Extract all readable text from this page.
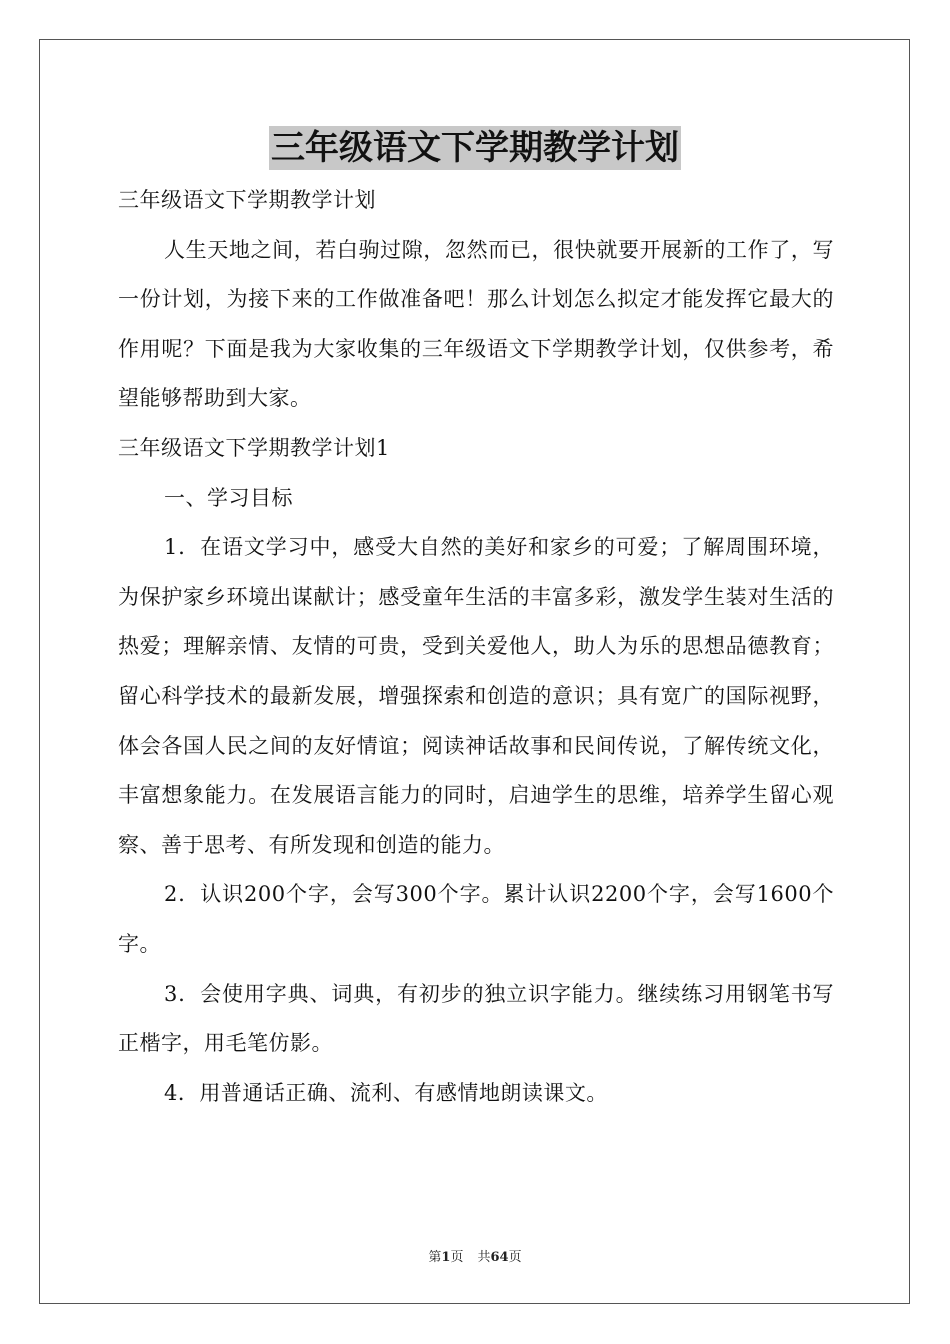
三年级语文下学期教学计划

三年级语文下学期教学计划

人生天地之间，若白驹过隙，忽然而已，很快就要开展新的工作了，写一份计划，为接下来的工作做准备吧！那么计划怎么拟定才能发挥它最大的作用呢？下面是我为大家收集的三年级语文下学期教学计划，仅供参考，希望能够帮助到大家。

三年级语文下学期教学计划1

一、学习目标

1．在语文学习中，感受大自然的美好和家乡的可爱；了解周围环境，为保护家乡环境出谋献计；感受童年生活的丰富多彩，激发学生装对生活的热爱；理解亲情、友情的可贵，受到关爱他人，助人为乐的思想品德教育；留心科学技术的最新发展，增强探索和创造的意识；具有宽广的国际视野，体会各国人民之间的友好情谊；阅读神话故事和民间传说，了解传统文化，丰富想象能力。在发展语言能力的同时，启迪学生的思维，培养学生留心观察、善于思考、有所发现和创造的能力。

2．认识200个字，会写300个字。累计认识2200个字，会写1600个字。

3．会使用字典、词典，有初步的独立识字能力。继续练习用钢笔书写正楷字，用毛笔仿影。

4．用普通话正确、流利、有感情地朗读课文。

第1页 共64页
